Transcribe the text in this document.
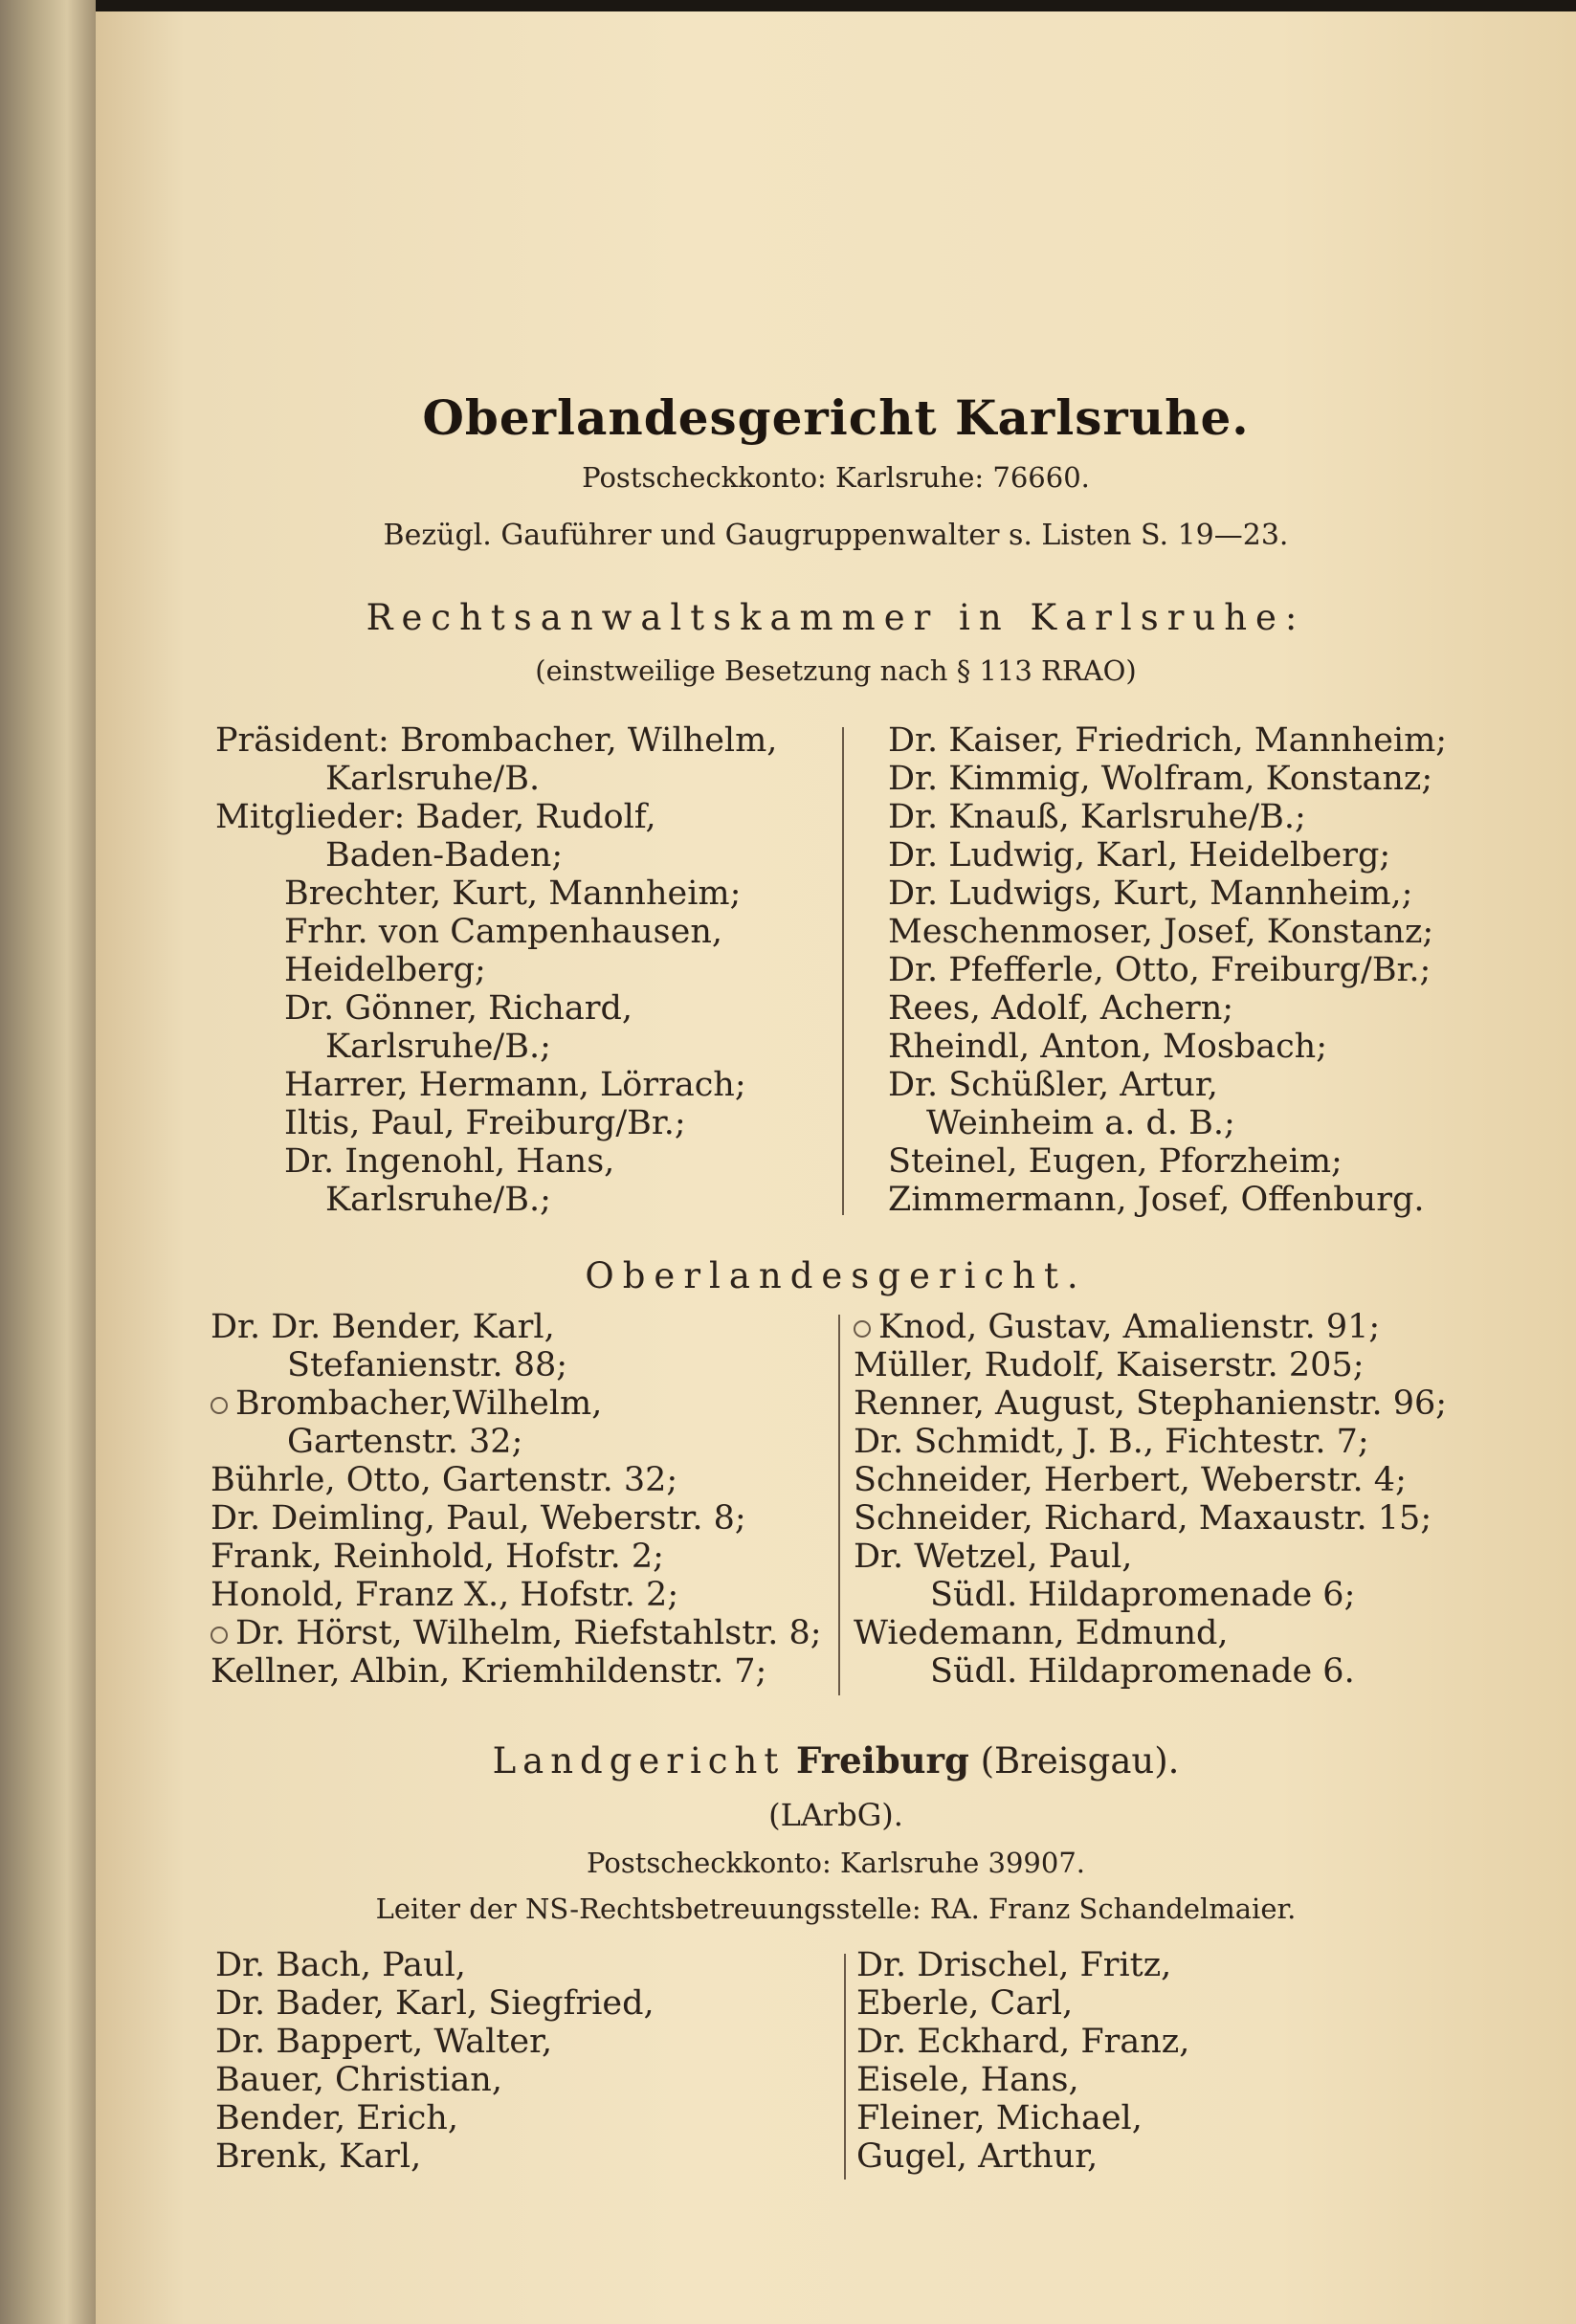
Oberlandesgericht Karlsruhe.
Postscheckkonto: Karlsruhe: 76660.
Bezügl. Gauführer und Gaugruppenwalter s. Listen S. 19—23.
Rechtsanwaltskammer in Karlsruhe:
(einstweilige Besetzung nach § 113 RRAO)
Präsident: Brombacher, Wilhelm,
Karlsruhe/B.
Mitglieder: Bader, Rudolf,
Baden-Baden;
Brechter, Kurt, Mannheim;
Frhr. von Campenhausen,
Heidelberg;
Dr. Gönner, Richard,
Karlsruhe/B.;
Harrer, Hermann, Lörrach;
Iltis, Paul, Freiburg/Br.;
Dr. Ingenohl, Hans,
Karlsruhe/B.;
Dr. Kaiser, Friedrich, Mannheim;
Dr. Kimmig, Wolfram, Konstanz;
Dr. Knauß, Karlsruhe/B.;
Dr. Ludwig, Karl, Heidelberg;
Dr. Ludwigs, Kurt, Mannheim,;
Meschenmoser, Josef, Konstanz;
Dr. Pfefferle, Otto, Freiburg/Br.;
Rees, Adolf, Achern;
Rheindl, Anton, Mosbach;
Dr. Schüßler, Artur,
Weinheim a. d. B.;
Steinel, Eugen, Pforzheim;
Zimmermann, Josef, Offenburg.
Oberlandesgericht.
Dr. Dr. Bender, Karl,
Stefanienstr. 88;
Brombacher,Wilhelm,
Gartenstr. 32;
Bührle, Otto, Gartenstr. 32;
Dr. Deimling, Paul, Weberstr. 8;
Frank, Reinhold, Hofstr. 2;
Honold, Franz X., Hofstr. 2;
Dr. Hörst, Wilhelm, Riefstahlstr. 8;
Kellner, Albin, Kriemhildenstr. 7;
Knod, Gustav, Amalienstr. 91;
Müller, Rudolf, Kaiserstr. 205;
Renner, August, Stephanienstr. 96;
Dr. Schmidt, J. B., Fichtestr. 7;
Schneider, Herbert, Weberstr. 4;
Schneider, Richard, Maxaustr. 15;
Dr. Wetzel, Paul,
Südl. Hildapromenade 6;
Wiedemann, Edmund,
Südl. Hildapromenade 6.
Landgericht Freiburg (Breisgau).
(LArbG).
Postscheckkonto: Karlsruhe 39907.
Leiter der NS-Rechtsbetreuungsstelle: RA. Franz Schandelmaier.
Dr. Bach, Paul,
Dr. Bader, Karl, Siegfried,
Dr. Bappert, Walter,
Bauer, Christian,
Bender, Erich,
Brenk, Karl,
Dr. Drischel, Fritz,
Eberle, Carl,
Dr. Eckhard, Franz,
Eisele, Hans,
Fleiner, Michael,
Gugel, Arthur,
